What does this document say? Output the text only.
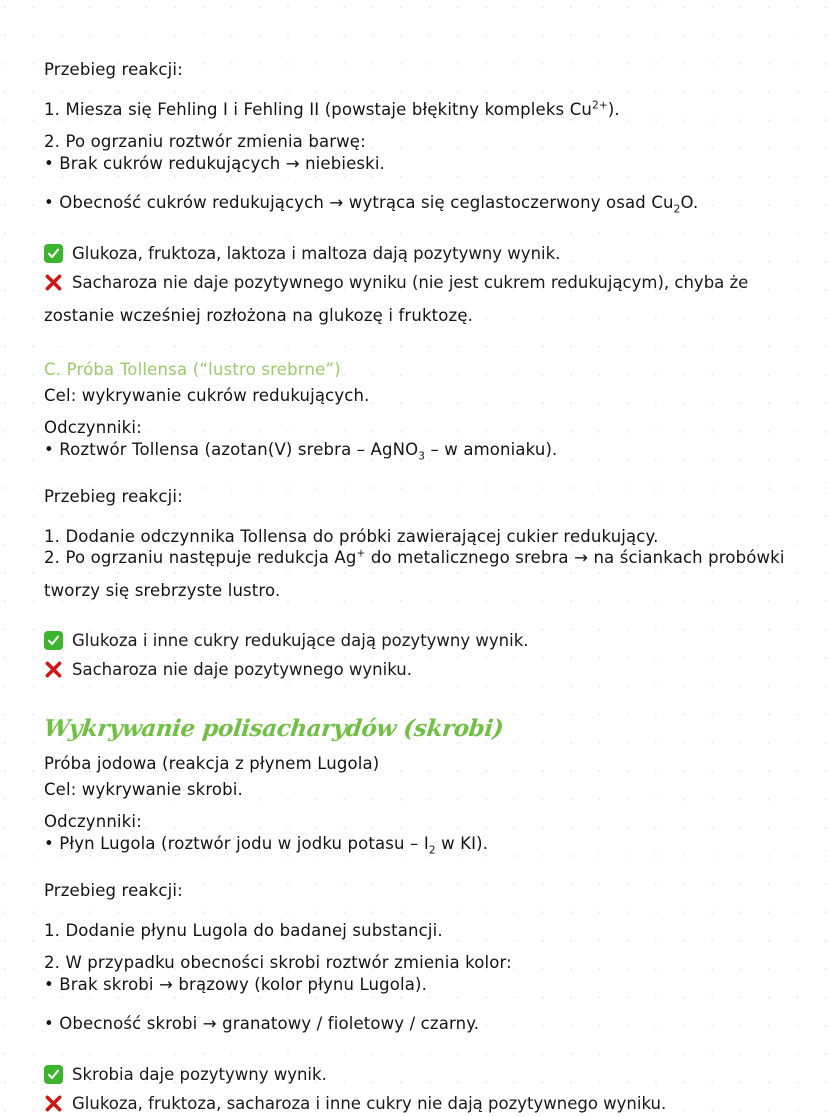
Przebieg reakcji:
1. Miesza się Fehling I i Fehling II (powstaje błękitny kompleks $Cu^{2+}$).
2. Po ogrzaniu roztwór zmienia barwę:
• Brak cukrów redukujących → niebieski.
• Obecność cukrów redukujących → wytrąca się ceglastoczerwony osad $Cu_2O$.
Glukoza, fruktoza, laktoza i maltoza dają pozytywny wynik.
Sacharoza nie daje pozytywnego wyniku (nie jest cukrem redukującym), chyba że
zostanie wcześniej rozłożona na glukozę i fruktozę.
C. Próba Tollensa (“lustro srebrne”)
Cel: wykrywanie cukrów redukujących.
Odczynniki:
• Roztwór Tollensa (azotan(V) srebra – AgNO$_3$ – w amoniaku).
Przebieg reakcji:
1. Dodanie odczynnika Tollensa do próbki zawierającej cukier redukujący.
2. Po ogrzaniu następuje redukcja Ag+ do metalicznego srebra → na ściankach probówki
tworzy się srebrzyste lustro.
Glukoza i inne cukry redukujące dają pozytywny wynik.
Sacharoza nie daje pozytywnego wyniku.
Wykrywanie polisacharydów (skrobi)
Próba jodowa (reakcja z płynem Lugola)
Cel: wykrywanie skrobi.
Odczynniki:
• Płyn Lugola (roztwór jodu w jodku potasu – $I_2$ w KI).
Przebieg reakcji:
1. Dodanie płynu Lugola do badanej substancji.
2. W przypadku obecności skrobi roztwór zmienia kolor:
• Brak skrobi → brązowy (kolor płynu Lugola).
• Obecność skrobi → granatowy / fioletowy / czarny.
Skrobia daje pozytywny wynik.
Glukoza, fruktoza, sacharoza i inne cukry nie dają pozytywnego wyniku.
